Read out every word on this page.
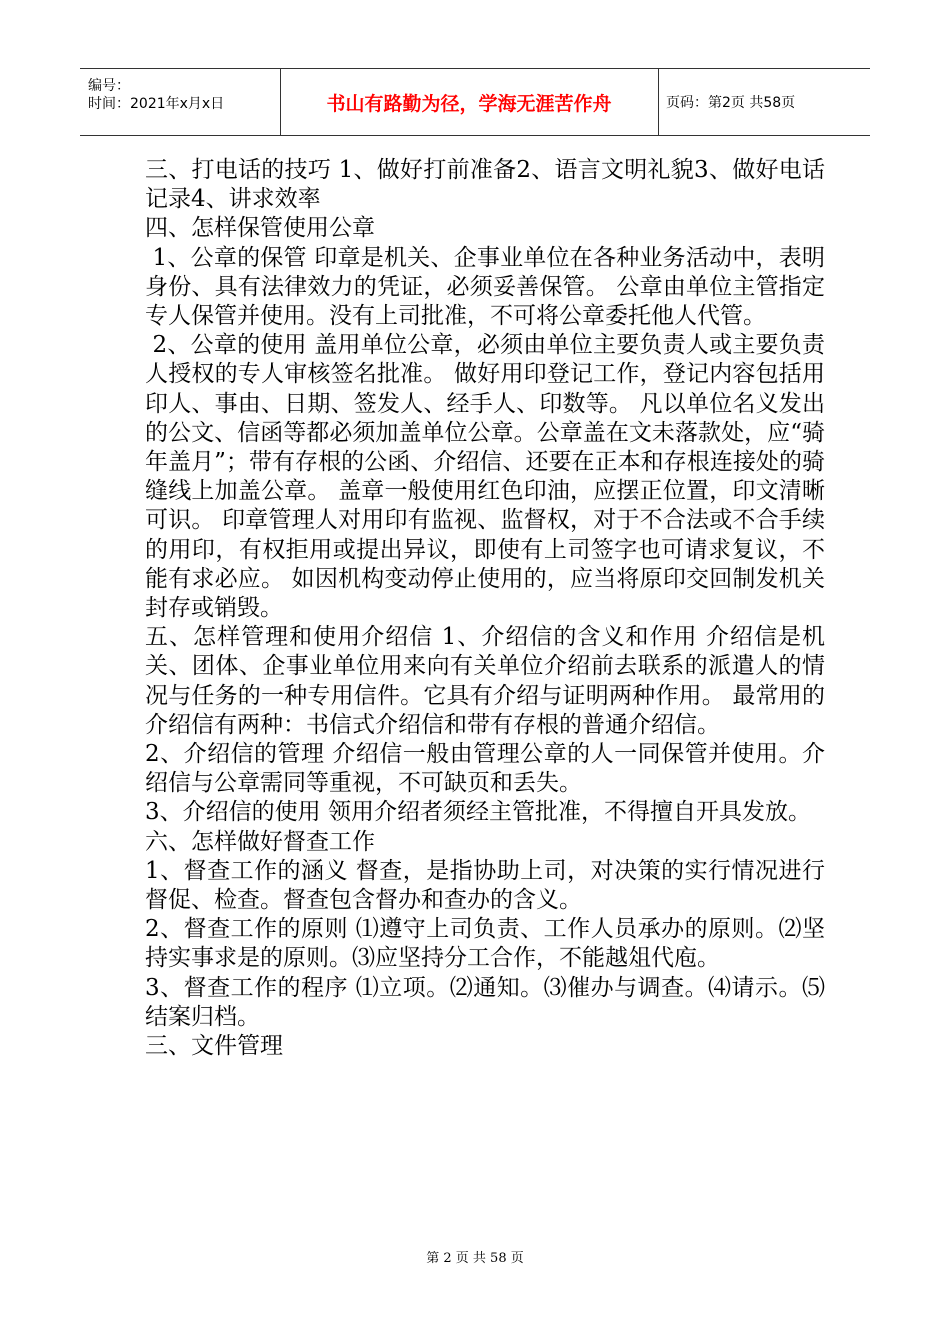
编号：
时间：2021年x月x日	书山有路勤为径，学海无涯苦作舟	页码：第2页 共58页

三、打电话的技巧 1、做好打前准备2、语言文明礼貌3、做好电话记录4、讲求效率

四、怎样保管使用公章

1、公章的保管 印章是机关、企事业单位在各种业务活动中，表明身份、具有法律效力的凭证，必须妥善保管。 公章由单位主管指定专人保管并使用。没有上司批准，不可将公章委托他人代管。

2、公章的使用 盖用单位公章，必须由单位主要负责人或主要负责人授权的专人审核签名批准。 做好用印登记工作，登记内容包括用印人、事由、日期、签发人、经手人、印数等。 凡以单位名义发出的公文、信函等都必须加盖单位公章。公章盖在文未落款处，应“骑年盖月”；带有存根的公函、介绍信、还要在正本和存根连接处的骑缝线上加盖公章。 盖章一般使用红色印油，应摆正位置，印文清晰可识。 印章管理人对用印有监视、监督权，对于不合法或不合手续的用印，有权拒用或提出异议，即使有上司签字也可请求复议，不能有求必应。 如因机构变动停止使用的，应当将原印交回制发机关封存或销毁。

五、怎样管理和使用介绍信 1、介绍信的含义和作用 介绍信是机关、团体、企事业单位用来向有关单位介绍前去联系的派遣人的情况与任务的一种专用信件。它具有介绍与证明两种作用。 最常用的介绍信有两种：书信式介绍信和带有存根的普通介绍信。

2、介绍信的管理 介绍信一般由管理公章的人一同保管并使用。介绍信与公章需同等重视，不可缺页和丢失。

3、介绍信的使用 领用介绍者须经主管批准，不得擅自开具发放。

六、怎样做好督查工作

1、督查工作的涵义 督查，是指协助上司，对决策的实行情况进行督促、检查。督查包含督办和查办的含义。

2、督查工作的原则 ⑴遵守上司负责、工作人员承办的原则。⑵坚持实事求是的原则。⑶应坚持分工合作，不能越俎代庖。

3、督查工作的程序 ⑴立项。⑵通知。⑶催办与调查。⑷请示。⑸结案归档。

三、文件管理

第 2 页 共 58 页
